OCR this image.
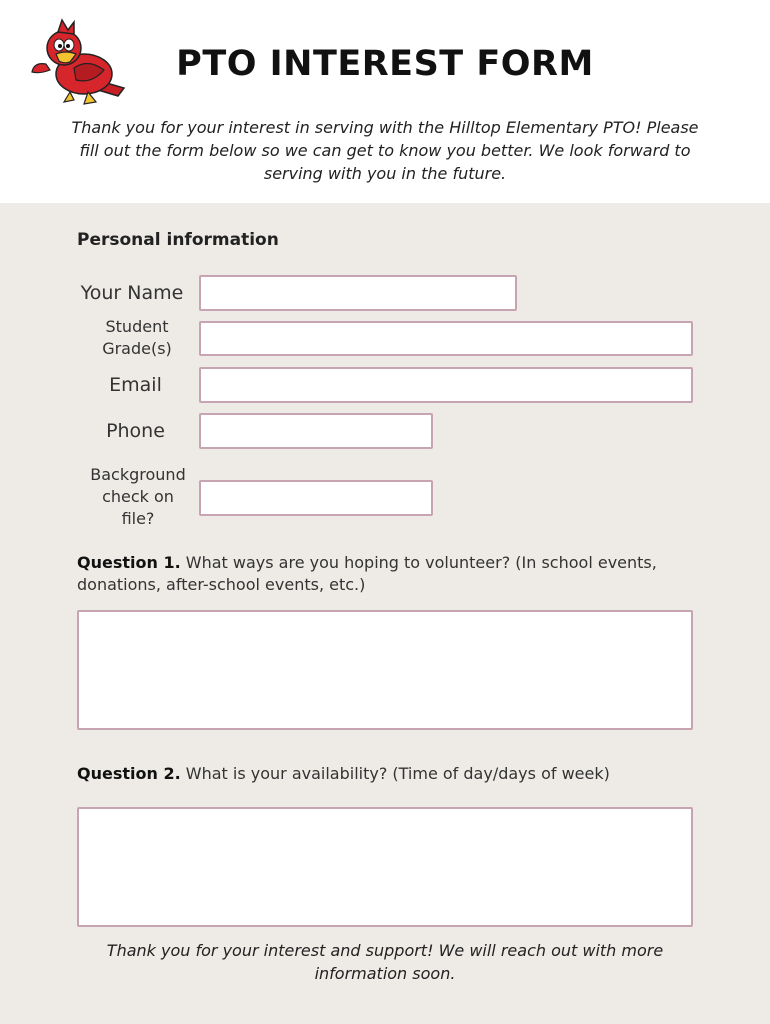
PTO INTEREST FORM
Thank you for your interest in serving with the Hilltop Elementary PTO! Please fill out the form below so we can get to know you better. We look forward to serving with you in the future.
Personal information
Your Name
Student
Grade(s)
Email
Phone
Background
check on
file?
Question 1. What ways are you hoping to volunteer? (In school events, donations, after-school events, etc.)
Question 2. What is your availability? (Time of day/days of week)
Thank you for your interest and support! We will reach out with more information soon.
